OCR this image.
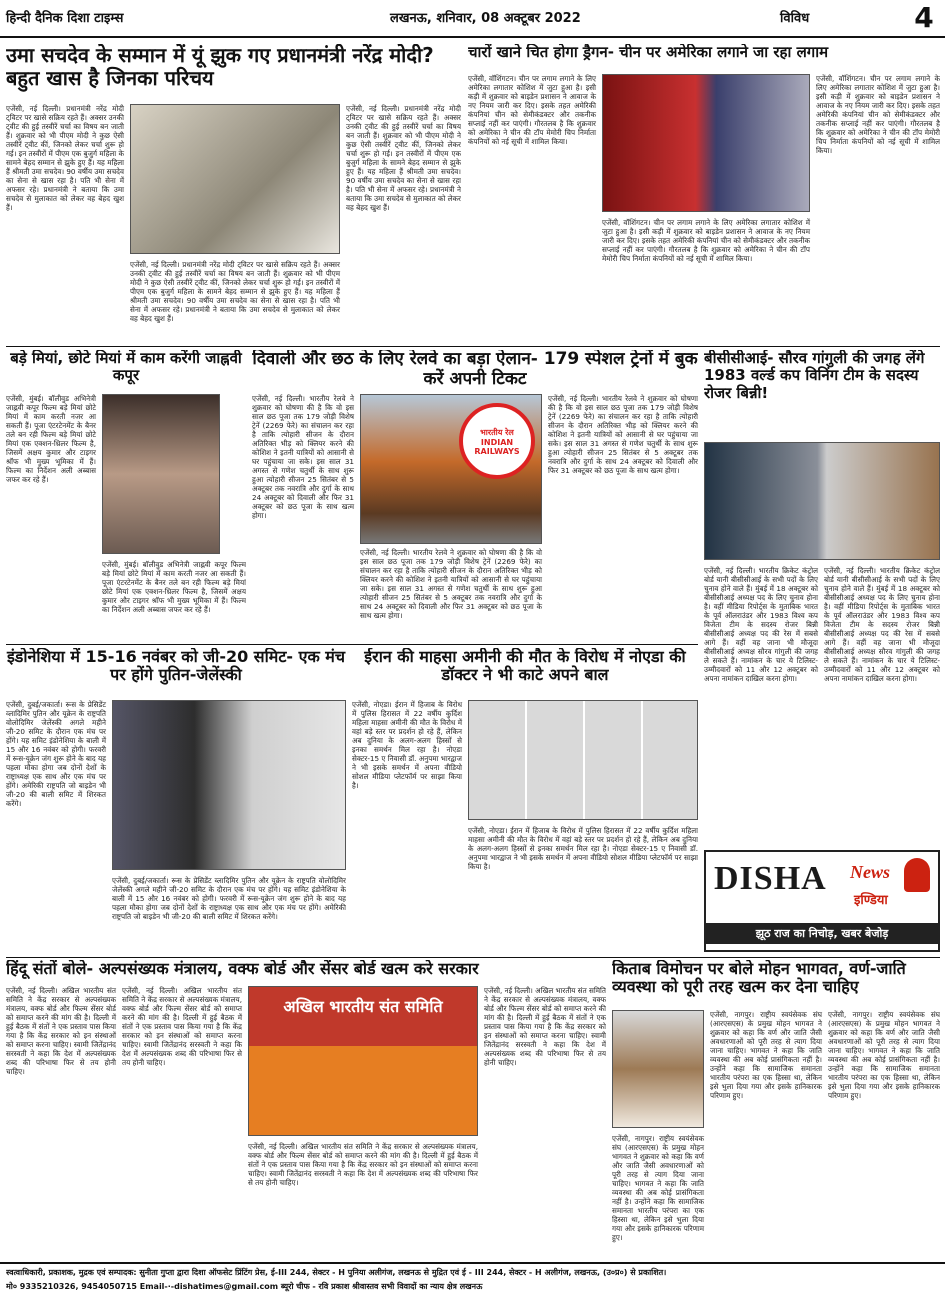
हिन्दी दैनिक दिशा टाइम्स	लखनऊ, शनिवार, 08 अक्टूबर 2022	विविध	4
उमा सचदेव के सम्मान में यूं झुक गए प्रधानमंत्री नरेंद्र मोदी? बहुत खास है जिनका परिचय
एजेंसी, नई दिल्ली। प्रधानमंत्री नरेंद्र मोदी ट्विटर पर खासे सक्रिय रहते हैं। अक्सर उनकी ट्वीट की हुई तस्वीरें चर्चा का विषय बन जाती हैं। शुक्रवार को भी पीएम मोदी ने कुछ ऐसी तस्वीरें ट्वीट कीं, जिनको लेकर चर्चा शुरू हो गई। इन तस्वीरों में पीएम एक बुजुर्ग महिला के सामने बेहद सम्मान से झुके हुए हैं। यह महिला हैं श्रीमती उमा सचदेव। 90 वर्षीय उमा सचदेव का सेना से खास रहा है। पति भी सेना में अफसर रहे। प्रधानमंत्री ने बताया कि उमा सचदेव से मुलाकात को लेकर वह बेहद खुश हैं।
एजेंसी, नई दिल्ली। प्रधानमंत्री नरेंद्र मोदी ट्विटर पर खासे सक्रिय रहते हैं। अक्सर उनकी ट्वीट की हुई तस्वीरें चर्चा का विषय बन जाती हैं। शुक्रवार को भी पीएम मोदी ने कुछ ऐसी तस्वीरें ट्वीट कीं, जिनको लेकर चर्चा शुरू हो गई। इन तस्वीरों में पीएम एक बुजुर्ग महिला के सामने बेहद सम्मान से झुके हुए हैं। यह महिला हैं श्रीमती उमा सचदेव। 90 वर्षीय उमा सचदेव का सेना से खास रहा है। पति भी सेना में अफसर रहे। प्रधानमंत्री ने बताया कि उमा सचदेव से मुलाकात को लेकर वह बेहद खुश हैं।
एजेंसी, नई दिल्ली। प्रधानमंत्री नरेंद्र मोदी ट्विटर पर खासे सक्रिय रहते हैं। अक्सर उनकी ट्वीट की हुई तस्वीरें चर्चा का विषय बन जाती हैं। शुक्रवार को भी पीएम मोदी ने कुछ ऐसी तस्वीरें ट्वीट कीं, जिनको लेकर चर्चा शुरू हो गई। इन तस्वीरों में पीएम एक बुजुर्ग महिला के सामने बेहद सम्मान से झुके हुए हैं। यह महिला हैं श्रीमती उमा सचदेव। 90 वर्षीय उमा सचदेव का सेना से खास रहा है। पति भी सेना में अफसर रहे। प्रधानमंत्री ने बताया कि उमा सचदेव से मुलाकात को लेकर वह बेहद खुश हैं।
चारों खाने चित होगा ड्रैगन- चीन पर अमेरिका लगाने जा रहा लगाम
एजेंसी, वॉशिंगटन। चीन पर लगाम लगाने के लिए अमेरिका लगातार कोशिश में जुटा हुआ है। इसी कड़ी में शुक्रवार को बाइडेन प्रशासन ने आवाज के नए नियम जारी कर दिए। इसके तहत अमेरिकी कंपनियां चीन को सेमीकंडक्टर और तकनीक सप्लाई नहीं कर पाएंगी। गौरतलब है कि शुक्रवार को अमेरिका ने चीन की टॉप मेमोरी चिप निर्माता कंपनियों को नई सूची में शामिल किया।
एजेंसी, वॉशिंगटन। चीन पर लगाम लगाने के लिए अमेरिका लगातार कोशिश में जुटा हुआ है। इसी कड़ी में शुक्रवार को बाइडेन प्रशासन ने आवाज के नए नियम जारी कर दिए। इसके तहत अमेरिकी कंपनियां चीन को सेमीकंडक्टर और तकनीक सप्लाई नहीं कर पाएंगी। गौरतलब है कि शुक्रवार को अमेरिका ने चीन की टॉप मेमोरी चिप निर्माता कंपनियों को नई सूची में शामिल किया।
एजेंसी, वॉशिंगटन। चीन पर लगाम लगाने के लिए अमेरिका लगातार कोशिश में जुटा हुआ है। इसी कड़ी में शुक्रवार को बाइडेन प्रशासन ने आवाज के नए नियम जारी कर दिए। इसके तहत अमेरिकी कंपनियां चीन को सेमीकंडक्टर और तकनीक सप्लाई नहीं कर पाएंगी। गौरतलब है कि शुक्रवार को अमेरिका ने चीन की टॉप मेमोरी चिप निर्माता कंपनियों को नई सूची में शामिल किया।
बड़े मियां, छोटे मियां में काम करेंगी जाह्नवी कपूर
एजेंसी, मुंबई। बॉलीवुड अभिनेत्री जाह्नवी कपूर फिल्म बड़े मियां छोटे मियां में काम करती नजर आ सकती हैं। पूजा एंटरटेनमेंट के बैनर तले बन रही फिल्म बड़े मियां छोटे मियां एक एक्शन-थ्रिलर फिल्म है, जिसमें अक्षय कुमार और टाइगर श्रॉफ भी मुख्य भूमिका में हैं। फिल्म का निर्देशन अली अब्बास जफर कर रहे हैं।
एजेंसी, मुंबई। बॉलीवुड अभिनेत्री जाह्नवी कपूर फिल्म बड़े मियां छोटे मियां में काम करती नजर आ सकती हैं। पूजा एंटरटेनमेंट के बैनर तले बन रही फिल्म बड़े मियां छोटे मियां एक एक्शन-थ्रिलर फिल्म है, जिसमें अक्षय कुमार और टाइगर श्रॉफ भी मुख्य भूमिका में हैं। फिल्म का निर्देशन अली अब्बास जफर कर रहे हैं।
दिवाली और छठ के लिए रेलवे का बड़ा ऐलान- 179 स्पेशल ट्रेनों में बुक करें अपनी टिकट
एजेंसी, नई दिल्ली। भारतीय रेलवे ने शुक्रवार को घोषणा की है कि वो इस साल छठ पूजा तक 179 जोड़ी विशेष ट्रेनें (2269 फेरे) का संचालन कर रहा है ताकि त्योहारी सीजन के दौरान अतिरिक्त भीड़ को क्लियर करने की कोशिश ने इतनी यात्रियों को आसानी से घर पहुंचाया जा सके। इस साल 31 अगस्त से गणेश चतुर्थी के साथ शुरू हुआ त्योहारी सीजन 25 सितंबर से 5 अक्टूबर तक नवरात्रि और दुर्गा के साथ 24 अक्टूबर को दिवाली और फिर 31 अक्टूबर को छठ पूजा के साथ खत्म होगा।
भारतीय रेल INDIAN RAILWAYS
एजेंसी, नई दिल्ली। भारतीय रेलवे ने शुक्रवार को घोषणा की है कि वो इस साल छठ पूजा तक 179 जोड़ी विशेष ट्रेनें (2269 फेरे) का संचालन कर रहा है ताकि त्योहारी सीजन के दौरान अतिरिक्त भीड़ को क्लियर करने की कोशिश ने इतनी यात्रियों को आसानी से घर पहुंचाया जा सके। इस साल 31 अगस्त से गणेश चतुर्थी के साथ शुरू हुआ त्योहारी सीजन 25 सितंबर से 5 अक्टूबर तक नवरात्रि और दुर्गा के साथ 24 अक्टूबर को दिवाली और फिर 31 अक्टूबर को छठ पूजा के साथ खत्म होगा।
एजेंसी, नई दिल्ली। भारतीय रेलवे ने शुक्रवार को घोषणा की है कि वो इस साल छठ पूजा तक 179 जोड़ी विशेष ट्रेनें (2269 फेरे) का संचालन कर रहा है ताकि त्योहारी सीजन के दौरान अतिरिक्त भीड़ को क्लियर करने की कोशिश ने इतनी यात्रियों को आसानी से घर पहुंचाया जा सके। इस साल 31 अगस्त से गणेश चतुर्थी के साथ शुरू हुआ त्योहारी सीजन 25 सितंबर से 5 अक्टूबर तक नवरात्रि और दुर्गा के साथ 24 अक्टूबर को दिवाली और फिर 31 अक्टूबर को छठ पूजा के साथ खत्म होगा।
बीसीसीआई- सौरव गांगुली की जगह लेंगे 1983 वर्ल्ड कप विनिंग टीम के सदस्य रोजर बिन्नी!
एजेंसी, नई दिल्ली। भारतीय क्रिकेट कंट्रोल बोर्ड यानी बीसीसीआई के सभी पदों के लिए चुनाव होने वाले हैं। मुंबई में 18 अक्टूबर को बीसीसीआई अध्यक्ष पद के लिए चुनाव होना है। वहीं मीडिया रिपोर्ट्स के मुताबिक भारत के पूर्व ऑलराउंडर और 1983 विश्व कप विजेता टीम के सदस्य रोजर बिन्नी बीसीसीआई अध्यक्ष पद की रेस में सबसे आगे हैं। वहीं वह जाना भी मौजूदा बीसीसीआई अध्यक्ष सौरव गांगुली की जगह ले सकते हैं। नामांकन के चार ये टिलिस्ट- उम्मीदवारों को 11 और 12 अक्टूबर को अपना नामांकन दाखिल करना होगा।
एजेंसी, नई दिल्ली। भारतीय क्रिकेट कंट्रोल बोर्ड यानी बीसीसीआई के सभी पदों के लिए चुनाव होने वाले हैं। मुंबई में 18 अक्टूबर को बीसीसीआई अध्यक्ष पद के लिए चुनाव होना है। वहीं मीडिया रिपोर्ट्स के मुताबिक भारत के पूर्व ऑलराउंडर और 1983 विश्व कप विजेता टीम के सदस्य रोजर बिन्नी बीसीसीआई अध्यक्ष पद की रेस में सबसे आगे हैं। वहीं वह जाना भी मौजूदा बीसीसीआई अध्यक्ष सौरव गांगुली की जगह ले सकते हैं। नामांकन के चार ये टिलिस्ट- उम्मीदवारों को 11 और 12 अक्टूबर को अपना नामांकन दाखिल करना होगा।
इंडोनेशिया में 15-16 नवंबर को जी-20 समिट- एक मंच पर होंगे पुतिन-जेलेंस्की
एजेंसी, दुबई/जकार्ता। रूस के प्रेसिडेंट व्लादिमिर पुतिन और यूक्रेन के राष्ट्रपति वोलोदिमिर जेलेंस्की अगले महीने जी-20 समिट के दौरान एक मंच पर होंगे। यह समिट इंडोनेशिया के बाली में 15 और 16 नवंबर को होगी। फरवरी में रूस-यूक्रेन जंग शुरू होने के बाद यह पहला मौका होगा जब दोनों देशों के राष्ट्राध्यक्ष एक साथ और एक मंच पर होंगे। अमेरिकी राष्ट्रपति जो बाइडेन भी जी-20 की बाली समिट में शिरकत करेंगे।
एजेंसी, दुबई/जकार्ता। रूस के प्रेसिडेंट व्लादिमिर पुतिन और यूक्रेन के राष्ट्रपति वोलोदिमिर जेलेंस्की अगले महीने जी-20 समिट के दौरान एक मंच पर होंगे। यह समिट इंडोनेशिया के बाली में 15 और 16 नवंबर को होगी। फरवरी में रूस-यूक्रेन जंग शुरू होने के बाद यह पहला मौका होगा जब दोनों देशों के राष्ट्राध्यक्ष एक साथ और एक मंच पर होंगे। अमेरिकी राष्ट्रपति जो बाइडेन भी जी-20 की बाली समिट में शिरकत करेंगे।
ईरान की माहसा अमीनी की मौत के विरोध में नोएडा की डॉक्टर ने भी काटे अपने बाल
एजेंसी, नोएडा। ईरान में हिजाब के विरोध में पुलिस हिरासत में 22 वर्षीय कुर्दिश महिला माहसा अमीनी की मौत के विरोध में वहां बड़े स्तर पर प्रदर्शन हो रहे हैं, लेकिन अब दुनिया के अलग-अलग हिस्सों से इनका समर्थन मिल रहा है। नोएडा सेक्टर-15 ए निवासी डॉ. अनुपमा भारद्वाज ने भी इसके समर्थन में अपना वीडियो सोशल मीडिया प्लेटफॉर्म पर साझा किया है।
एजेंसी, नोएडा। ईरान में हिजाब के विरोध में पुलिस हिरासत में 22 वर्षीय कुर्दिश महिला माहसा अमीनी की मौत के विरोध में वहां बड़े स्तर पर प्रदर्शन हो रहे हैं, लेकिन अब दुनिया के अलग-अलग हिस्सों से इनका समर्थन मिल रहा है। नोएडा सेक्टर-15 ए निवासी डॉ. अनुपमा भारद्वाज ने भी इसके समर्थन में अपना वीडियो सोशल मीडिया प्लेटफॉर्म पर साझा किया है।	DISHA News
इण्डिया
झूठ राज का निचोड़, खबर बेजोड़
हिंदू संतों बोले- अल्पसंख्यक मंत्रालय, वक्फ बोर्ड और सेंसर बोर्ड खत्म करे सरकार
एजेंसी, नई दिल्ली। अखिल भारतीय संत समिति ने केंद्र सरकार से अल्पसंख्यक मंत्रालय, वक्फ बोर्ड और फिल्म सेंसर बोर्ड को समाप्त करने की मांग की है। दिल्ली में हुई बैठक में संतों ने एक प्रस्ताव पास किया गया है कि केंद्र सरकार को इन संस्थाओं को समाप्त करना चाहिए। स्वामी जितेंद्रानंद सरस्वती ने कहा कि देश में अल्पसंख्यक शब्द की परिभाषा फिर से तय होनी चाहिए।
एजेंसी, नई दिल्ली। अखिल भारतीय संत समिति ने केंद्र सरकार से अल्पसंख्यक मंत्रालय, वक्फ बोर्ड और फिल्म सेंसर बोर्ड को समाप्त करने की मांग की है। दिल्ली में हुई बैठक में संतों ने एक प्रस्ताव पास किया गया है कि केंद्र सरकार को इन संस्थाओं को समाप्त करना चाहिए। स्वामी जितेंद्रानंद सरस्वती ने कहा कि देश में अल्पसंख्यक शब्द की परिभाषा फिर से तय होनी चाहिए।
अखिल भारतीय संत समिति
एजेंसी, नई दिल्ली। अखिल भारतीय संत समिति ने केंद्र सरकार से अल्पसंख्यक मंत्रालय, वक्फ बोर्ड और फिल्म सेंसर बोर्ड को समाप्त करने की मांग की है। दिल्ली में हुई बैठक में संतों ने एक प्रस्ताव पास किया गया है कि केंद्र सरकार को इन संस्थाओं को समाप्त करना चाहिए। स्वामी जितेंद्रानंद सरस्वती ने कहा कि देश में अल्पसंख्यक शब्द की परिभाषा फिर से तय होनी चाहिए।
एजेंसी, नई दिल्ली। अखिल भारतीय संत समिति ने केंद्र सरकार से अल्पसंख्यक मंत्रालय, वक्फ बोर्ड और फिल्म सेंसर बोर्ड को समाप्त करने की मांग की है। दिल्ली में हुई बैठक में संतों ने एक प्रस्ताव पास किया गया है कि केंद्र सरकार को इन संस्थाओं को समाप्त करना चाहिए। स्वामी जितेंद्रानंद सरस्वती ने कहा कि देश में अल्पसंख्यक शब्द की परिभाषा फिर से तय होनी चाहिए।
किताब विमोचन पर बोले मोहन भागवत, वर्ण-जाति व्यवस्था को पूरी तरह खत्म कर देना चाहिए
एजेंसी, नागपुर। राष्ट्रीय स्वयंसेवक संघ (आरएसएस) के प्रमुख मोहन भागवत ने शुक्रवार को कहा कि वर्ण और जाति जैसी अवधारणाओं को पूरी तरह से त्याग दिया जाना चाहिए। भागवत ने कहा कि जाति व्यवस्था की अब कोई प्रासंगिकता नहीं है। उन्होंने कहा कि सामाजिक समानता भारतीय परंपरा का एक हिस्सा था, लेकिन इसे भुला दिया गया और इसके हानिकारक परिणाम हुए।
एजेंसी, नागपुर। राष्ट्रीय स्वयंसेवक संघ (आरएसएस) के प्रमुख मोहन भागवत ने शुक्रवार को कहा कि वर्ण और जाति जैसी अवधारणाओं को पूरी तरह से त्याग दिया जाना चाहिए। भागवत ने कहा कि जाति व्यवस्था की अब कोई प्रासंगिकता नहीं है। उन्होंने कहा कि सामाजिक समानता भारतीय परंपरा का एक हिस्सा था, लेकिन इसे भुला दिया गया और इसके हानिकारक परिणाम हुए।
एजेंसी, नागपुर। राष्ट्रीय स्वयंसेवक संघ (आरएसएस) के प्रमुख मोहन भागवत ने शुक्रवार को कहा कि वर्ण और जाति जैसी अवधारणाओं को पूरी तरह से त्याग दिया जाना चाहिए। भागवत ने कहा कि जाति व्यवस्था की अब कोई प्रासंगिकता नहीं है। उन्होंने कहा कि सामाजिक समानता भारतीय परंपरा का एक हिस्सा था, लेकिन इसे भुला दिया गया और इसके हानिकारक परिणाम हुए।
स्वत्वाधिकारी, प्रकाशक, मुद्रक एवं सम्पादक: सुनीता गुप्ता द्वारा दिशा ऑफसेट प्रिंटिंग प्रेस, ई-III 244, सेक्टर - H पुनिया अलीगंज, लखनऊ से मुद्रित एवं ई - III 244, सेक्टर - H अलीगंज, लखनऊ, (उ०प्र०) से प्रकाशित।
मो० 9335210326, 9454050715 Email-·-dishatimes@gmail.com ब्यूरो चीफ - रवि प्रकाश श्रीवास्तव सभी विवादों का न्याय क्षेत्र लखनऊ
